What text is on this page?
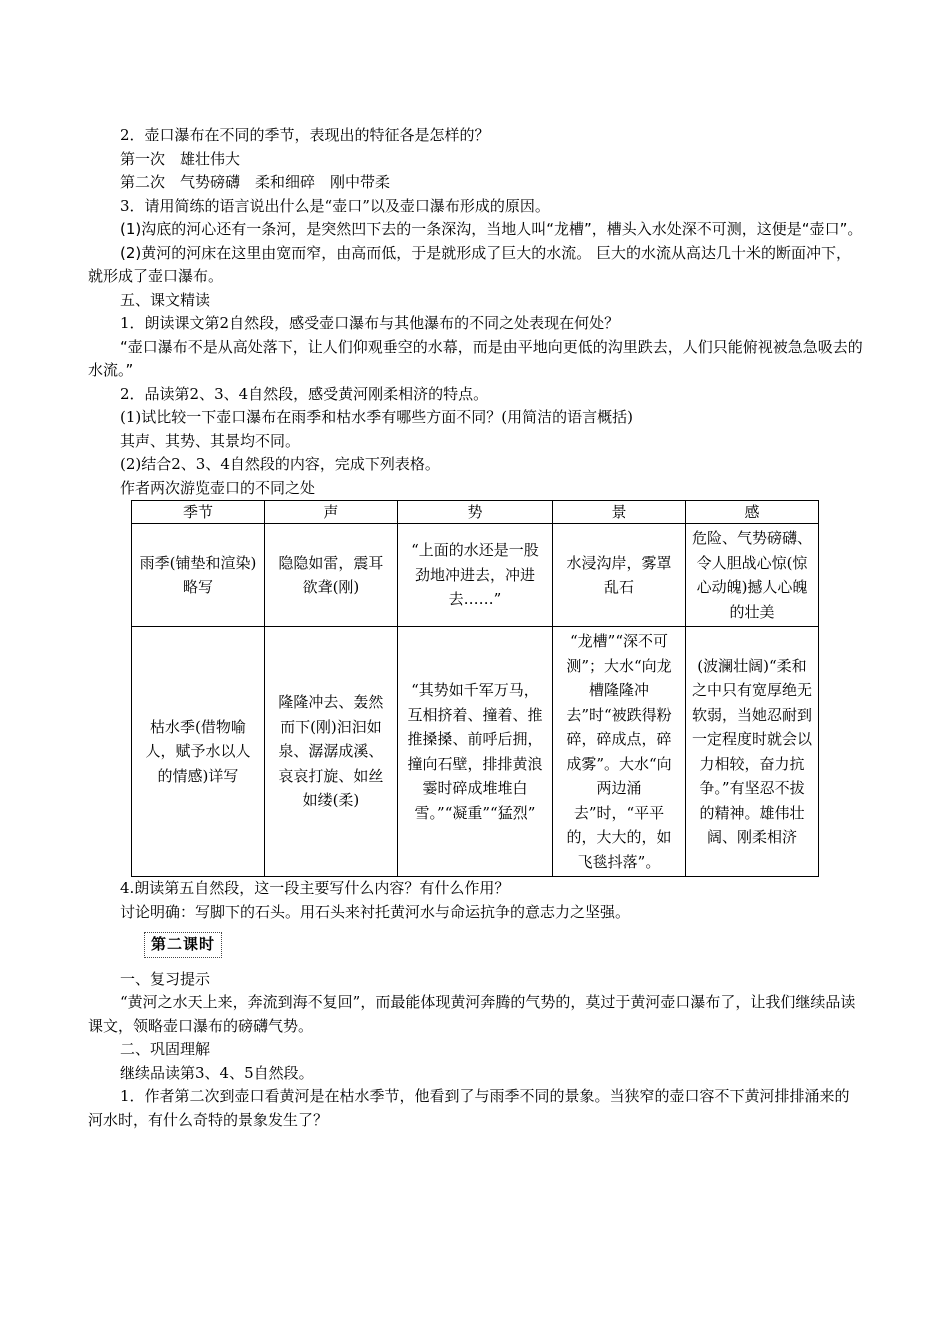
2．壶口瀑布在不同的季节，表现出的特征各是怎样的？

第一次　雄壮伟大

第二次　气势磅礴　柔和细碎　刚中带柔

3．请用简练的语言说出什么是“壶口”以及壶口瀑布形成的原因。

(1)沟底的河心还有一条河，是突然凹下去的一条深沟，当地人叫“龙槽”，槽头入水处深不可测，这便是“壶口”。

(2)黄河的河床在这里由宽而窄，由高而低，于是就形成了巨大的水流。 巨大的水流从高达几十米的断面冲下，就形成了壶口瀑布。

五、课文精读

1．朗读课文第2自然段，感受壶口瀑布与其他瀑布的不同之处表现在何处？

“壶口瀑布不是从高处落下，让人们仰观垂空的水幕，而是由平地向更低的沟里跌去，人们只能俯视被急急吸去的水流。”

2．品读第2、3、4自然段，感受黄河刚柔相济的特点。

(1)试比较一下壶口瀑布在雨季和枯水季有哪些方面不同？(用简洁的语言概括)

其声、其势、其景均不同。

(2)结合2、3、4自然段的内容，完成下列表格。

作者两次游览壶口的不同之处

季节	声	势	景	感
雨季(铺垫和渲染)略写	隐隐如雷，震耳欲聋(刚)	“上面的水还是一股劲地冲进去，冲进去……”	水浸沟岸，雾罩乱石	危险、气势磅礴、令人胆战心惊(惊心动魄)撼人心魄的壮美
枯水季(借物喻人，赋予水以人的情感)详写	隆隆冲去、轰然而下(刚)汩汩如泉、潺潺成溪、哀哀打旋、如丝如缕(柔)	“其势如千军万马，互相挤着、撞着、推推搡搡、前呼后拥，撞向石壁，排排黄浪霎时碎成堆堆白雪。”“凝重”“猛烈”	“龙槽”“深不可测”；大水“向龙槽隆隆冲去”时“被跌得粉碎，碎成点，碎成雾”。大水“向两边涌去”时，“平平的，大大的，如飞毯抖落”。	(波澜壮阔)“柔和之中只有宽厚绝无软弱，当她忍耐到一定程度时就会以力相较，奋力抗争。”有坚忍不拔的精神。雄伟壮阔、刚柔相济

4.朗读第五自然段，这一段主要写什么内容？有什么作用？

讨论明确：写脚下的石头。用石头来衬托黄河水与命运抗争的意志力之坚强。

第二课时

一、复习提示

“黄河之水天上来，奔流到海不复回”，而最能体现黄河奔腾的气势的，莫过于黄河壶口瀑布了，让我们继续品读课文，领略壶口瀑布的磅礴气势。

二、巩固理解

继续品读第3、4、5自然段。

1．作者第二次到壶口看黄河是在枯水季节，他看到了与雨季不同的景象。当狭窄的壶口容不下黄河排排涌来的河水时，有什么奇特的景象发生了？
